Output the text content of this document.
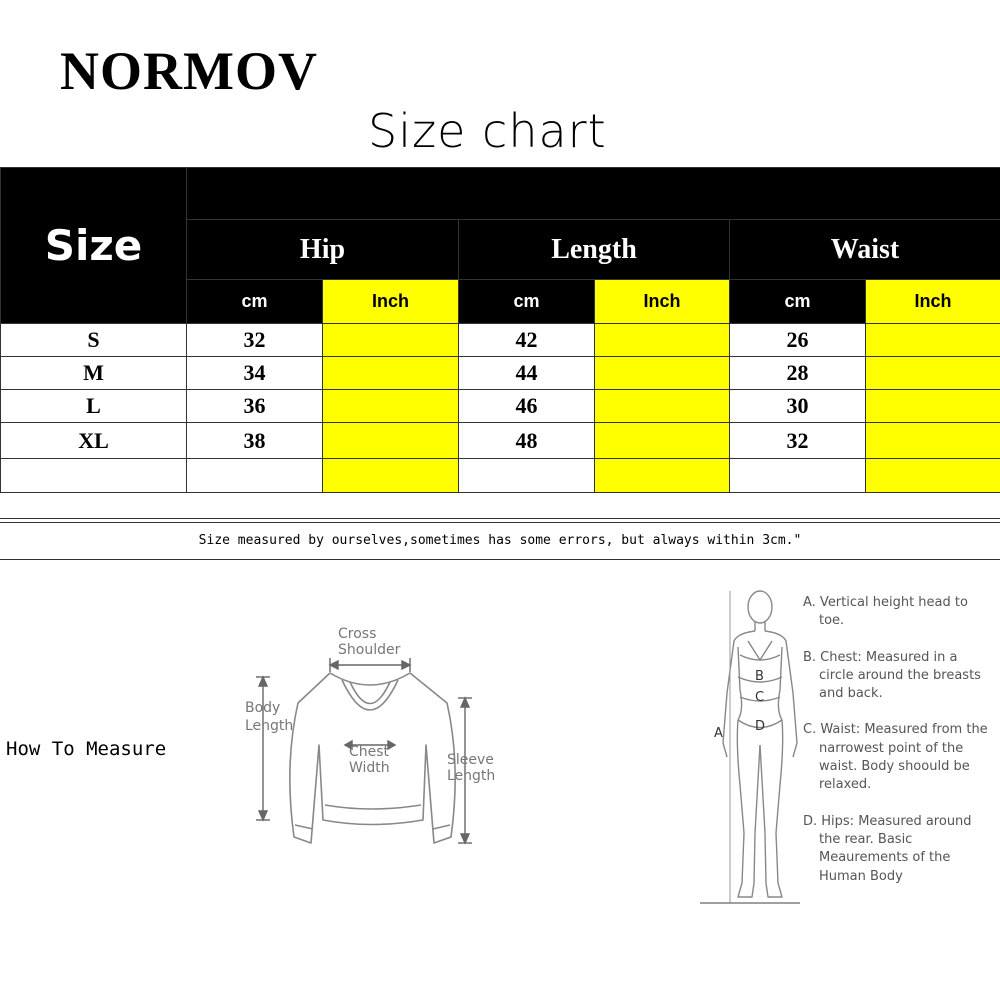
NORMOV
Size chart
Size						
	Hip		Length		Waist	
	cm	Inch	cm	Inch	cm	Inch
S	32		42		26	
M	34		44		28	
L	36		46		30	
XL	38		48		32	

Size measured by ourselves,sometimes has some errors, but always within 3cm."
How To Measure
Cross
Shoulder
Body
Length
Chest
Width	Sleeve
Length
A
B
C
D
A. Vertical height head to toe.
B. Chest: Measured in a circle around the breasts and back.
C. Waist: Measured from the narrowest point of the waist. Body shoould be relaxed.
D. Hips: Measured around the rear. Basic Meaurements of the Human Body
